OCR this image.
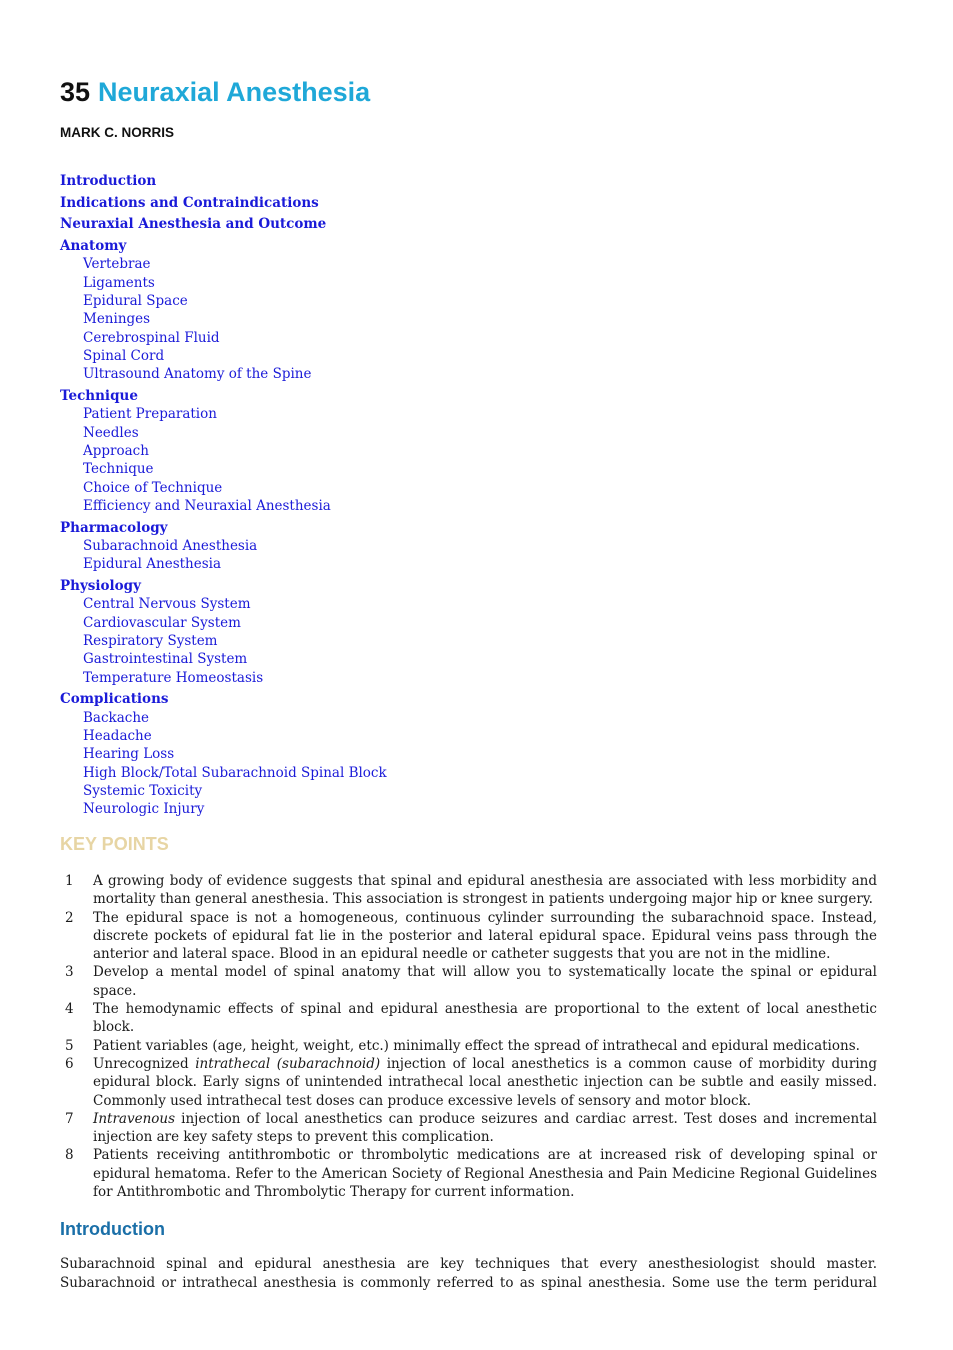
35 Neuraxial Anesthesia
MARK C. NORRIS
Introduction
Indications and Contraindications
Neuraxial Anesthesia and Outcome
Anatomy
Vertebrae
Ligaments
Epidural Space
Meninges
Cerebrospinal Fluid
Spinal Cord
Ultrasound Anatomy of the Spine
Technique
Patient Preparation
Needles
Approach
Technique
Choice of Technique
Efficiency and Neuraxial Anesthesia
Pharmacology
Subarachnoid Anesthesia
Epidural Anesthesia
Physiology
Central Nervous System
Cardiovascular System
Respiratory System
Gastrointestinal System
Temperature Homeostasis
Complications
Backache
Headache
Hearing Loss
High Block/Total Subarachnoid Spinal Block
Systemic Toxicity
Neurologic Injury
KEY POINTS
1	A growing body of evidence suggests that spinal and epidural anesthesia are associated with less morbidity and mortality than general anesthesia. This association is strongest in patients undergoing major hip or knee surgery.
2	The epidural space is not a homogeneous, continuous cylinder surrounding the subarachnoid space. Instead, discrete pockets of epidural fat lie in the posterior and lateral epidural space. Epidural veins pass through the anterior and lateral space. Blood in an epidural needle or catheter suggests that you are not in the midline.
3	Develop a mental model of spinal anatomy that will allow you to systematically locate the spinal or epidural space.
4	The hemodynamic effects of spinal and epidural anesthesia are proportional to the extent of local anesthetic block.
5	Patient variables (age, height, weight, etc.) minimally effect the spread of intrathecal and epidural medications.
6	Unrecognized intrathecal (subarachnoid) injection of local anesthetics is a common cause of morbidity during epidural block. Early signs of unintended intrathecal local anesthetic injection can be subtle and easily missed. Commonly used intrathecal test doses can produce excessive levels of sensory and motor block.
7	Intravenous injection of local anesthetics can produce seizures and cardiac arrest. Test doses and incremental injection are key safety steps to prevent this complication.
8	Patients receiving antithrombotic or thrombolytic medications are at increased risk of developing spinal or epidural hematoma. Refer to the American Society of Regional Anesthesia and Pain Medicine Regional Guidelines for Antithrombotic and Thrombolytic Therapy for current information.
Introduction

Subarachnoid spinal and epidural anesthesia are key techniques that every anesthesiologist should master. Subarachnoid or intrathecal anesthesia is commonly referred to as spinal anesthesia. Some use the term peridural
